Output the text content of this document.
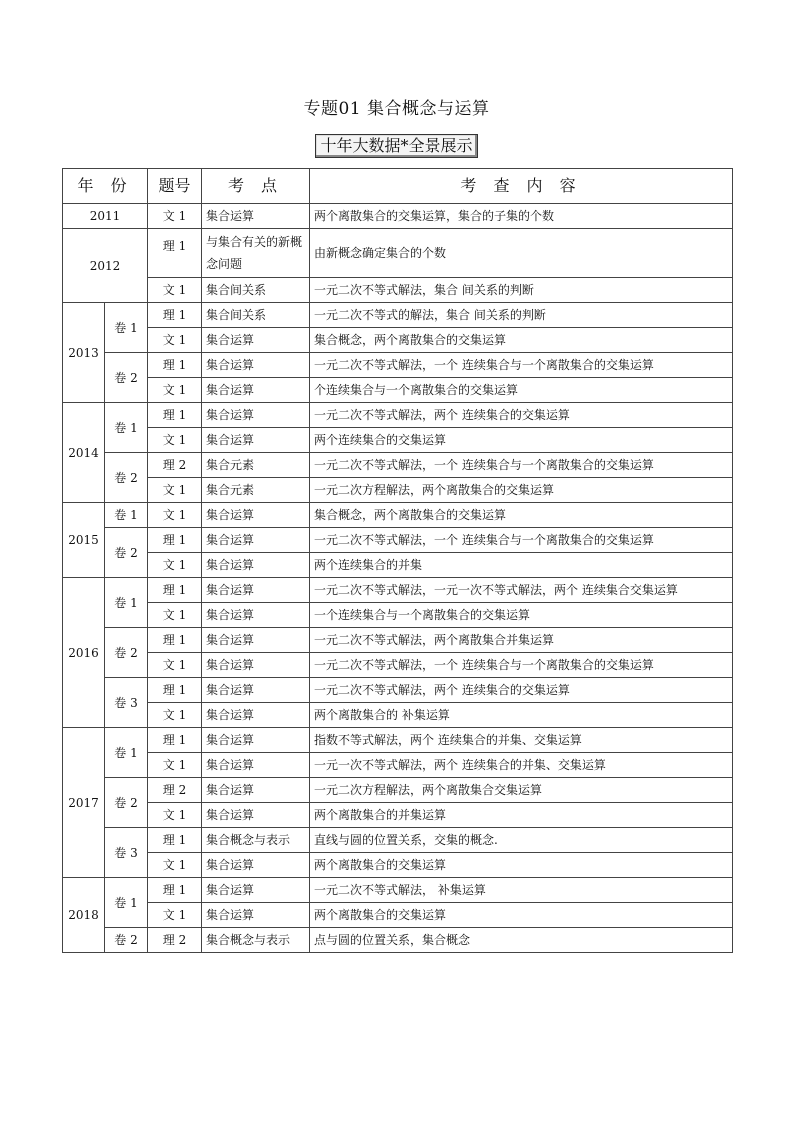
专题01 集合概念与运算
十年大数据*全景展示
年 份		题号	考 点	考 查 内 容
2011		文 1	集合运算	两个离散集合的交集运算，集合的子集的个数
2012		理 1	与集合有关的新概念问题	由新概念确定集合的个数
		文 1	集合间关系	一元二次不等式解法，集合 间关系的判断
2013	卷 1	理 1	集合间关系	一元二次不等式的解法，集合 间关系的判断
		文 1	集合运算	集合概念，两个离散集合的交集运算
	卷 2	理 1	集合运算	一元二次不等式解法，一个 连续集合与一个离散集合的交集运算
		文 1	集合运算	个连续集合与一个离散集合的交集运算
2014	卷 1	理 1	集合运算	一元二次不等式解法，两个 连续集合的交集运算
		文 1	集合运算	两个连续集合的交集运算
	卷 2	理 2	集合元素	一元二次不等式解法，一个 连续集合与一个离散集合的交集运算
		文 1	集合元素	一元二次方程解法，两个离散集合的交集运算
2015	卷 1	文 1	集合运算	集合概念，两个离散集合的交集运算
	卷 2	理 1	集合运算	一元二次不等式解法，一个 连续集合与一个离散集合的交集运算
		文 1	集合运算	两个连续集合的并集
2016	卷 1	理 1	集合运算	一元二次不等式解法，一元一次不等式解法，两个 连续集合交集运算
		文 1	集合运算	一个连续集合与一个离散集合的交集运算
	卷 2	理 1	集合运算	一元二次不等式解法，两个离散集合并集运算
		文 1	集合运算	一元二次不等式解法，一个 连续集合与一个离散集合的交集运算
	卷 3	理 1	集合运算	一元二次不等式解法，两个 连续集合的交集运算
		文 1	集合运算	两个离散集合的 补集运算
2017	卷 1	理 1	集合运算	指数不等式解法，两个 连续集合的并集、交集运算
		文 1	集合运算	一元一次不等式解法，两个 连续集合的并集、交集运算
	卷 2	理 2	集合运算	一元二次方程解法，两个离散集合交集运算
		文 1	集合运算	两个离散集合的并集运算
	卷 3	理 1	集合概念与表示	直线与圆的位置关系，交集的概念.
		文 1	集合运算	两个离散集合的交集运算
2018	卷 1	理 1	集合运算	一元二次不等式解法， 补集运算
		文 1	集合运算	两个离散集合的交集运算
	卷 2	理 2	集合概念与表示	点与圆的位置关系，集合概念
